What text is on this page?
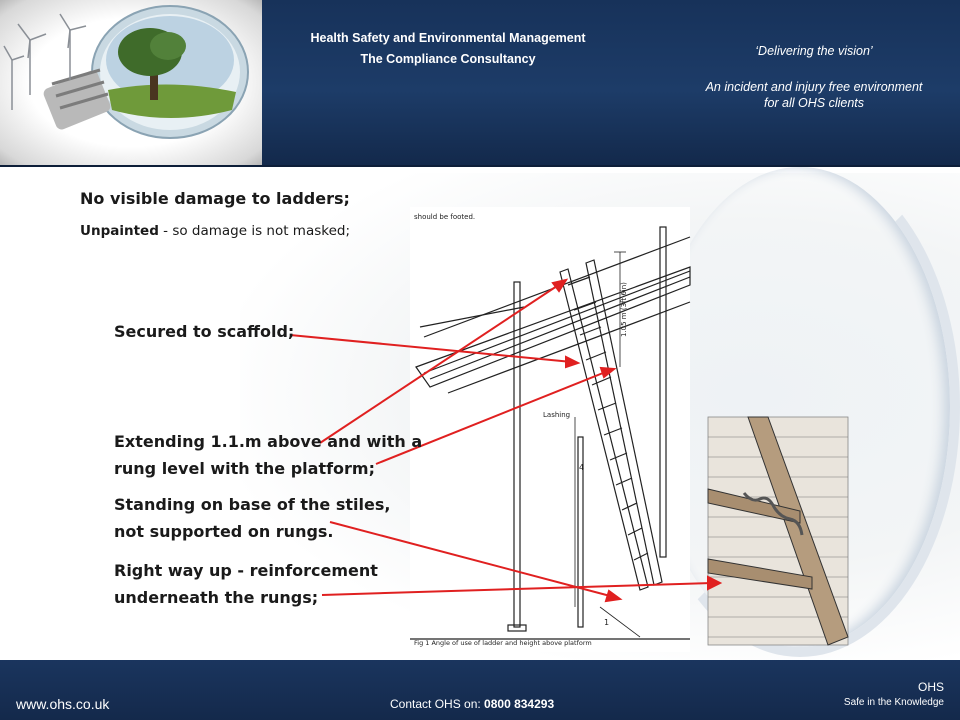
Health Safety and Environmental Management
The Compliance Consultancy
‘Delivering the vision’
An incident and injury free environment for all OHS clients
should be footed.
1.05 m (3ft 6in)
Lashing
4
1
Fig 1 Angle of use of ladder and height above platform
No visible damage to ladders;
Unpainted - so damage is not masked;
Secured to scaffold;
Extending 1.1.m above and with a
rung level with the platform;
Standing on base of the stiles,
not supported on rungs.
Right way up - reinforcement
underneath the rungs;
www.ohs.co.uk	Contact OHS on: 0800 834293
OHS
Safe in the Knowledge
